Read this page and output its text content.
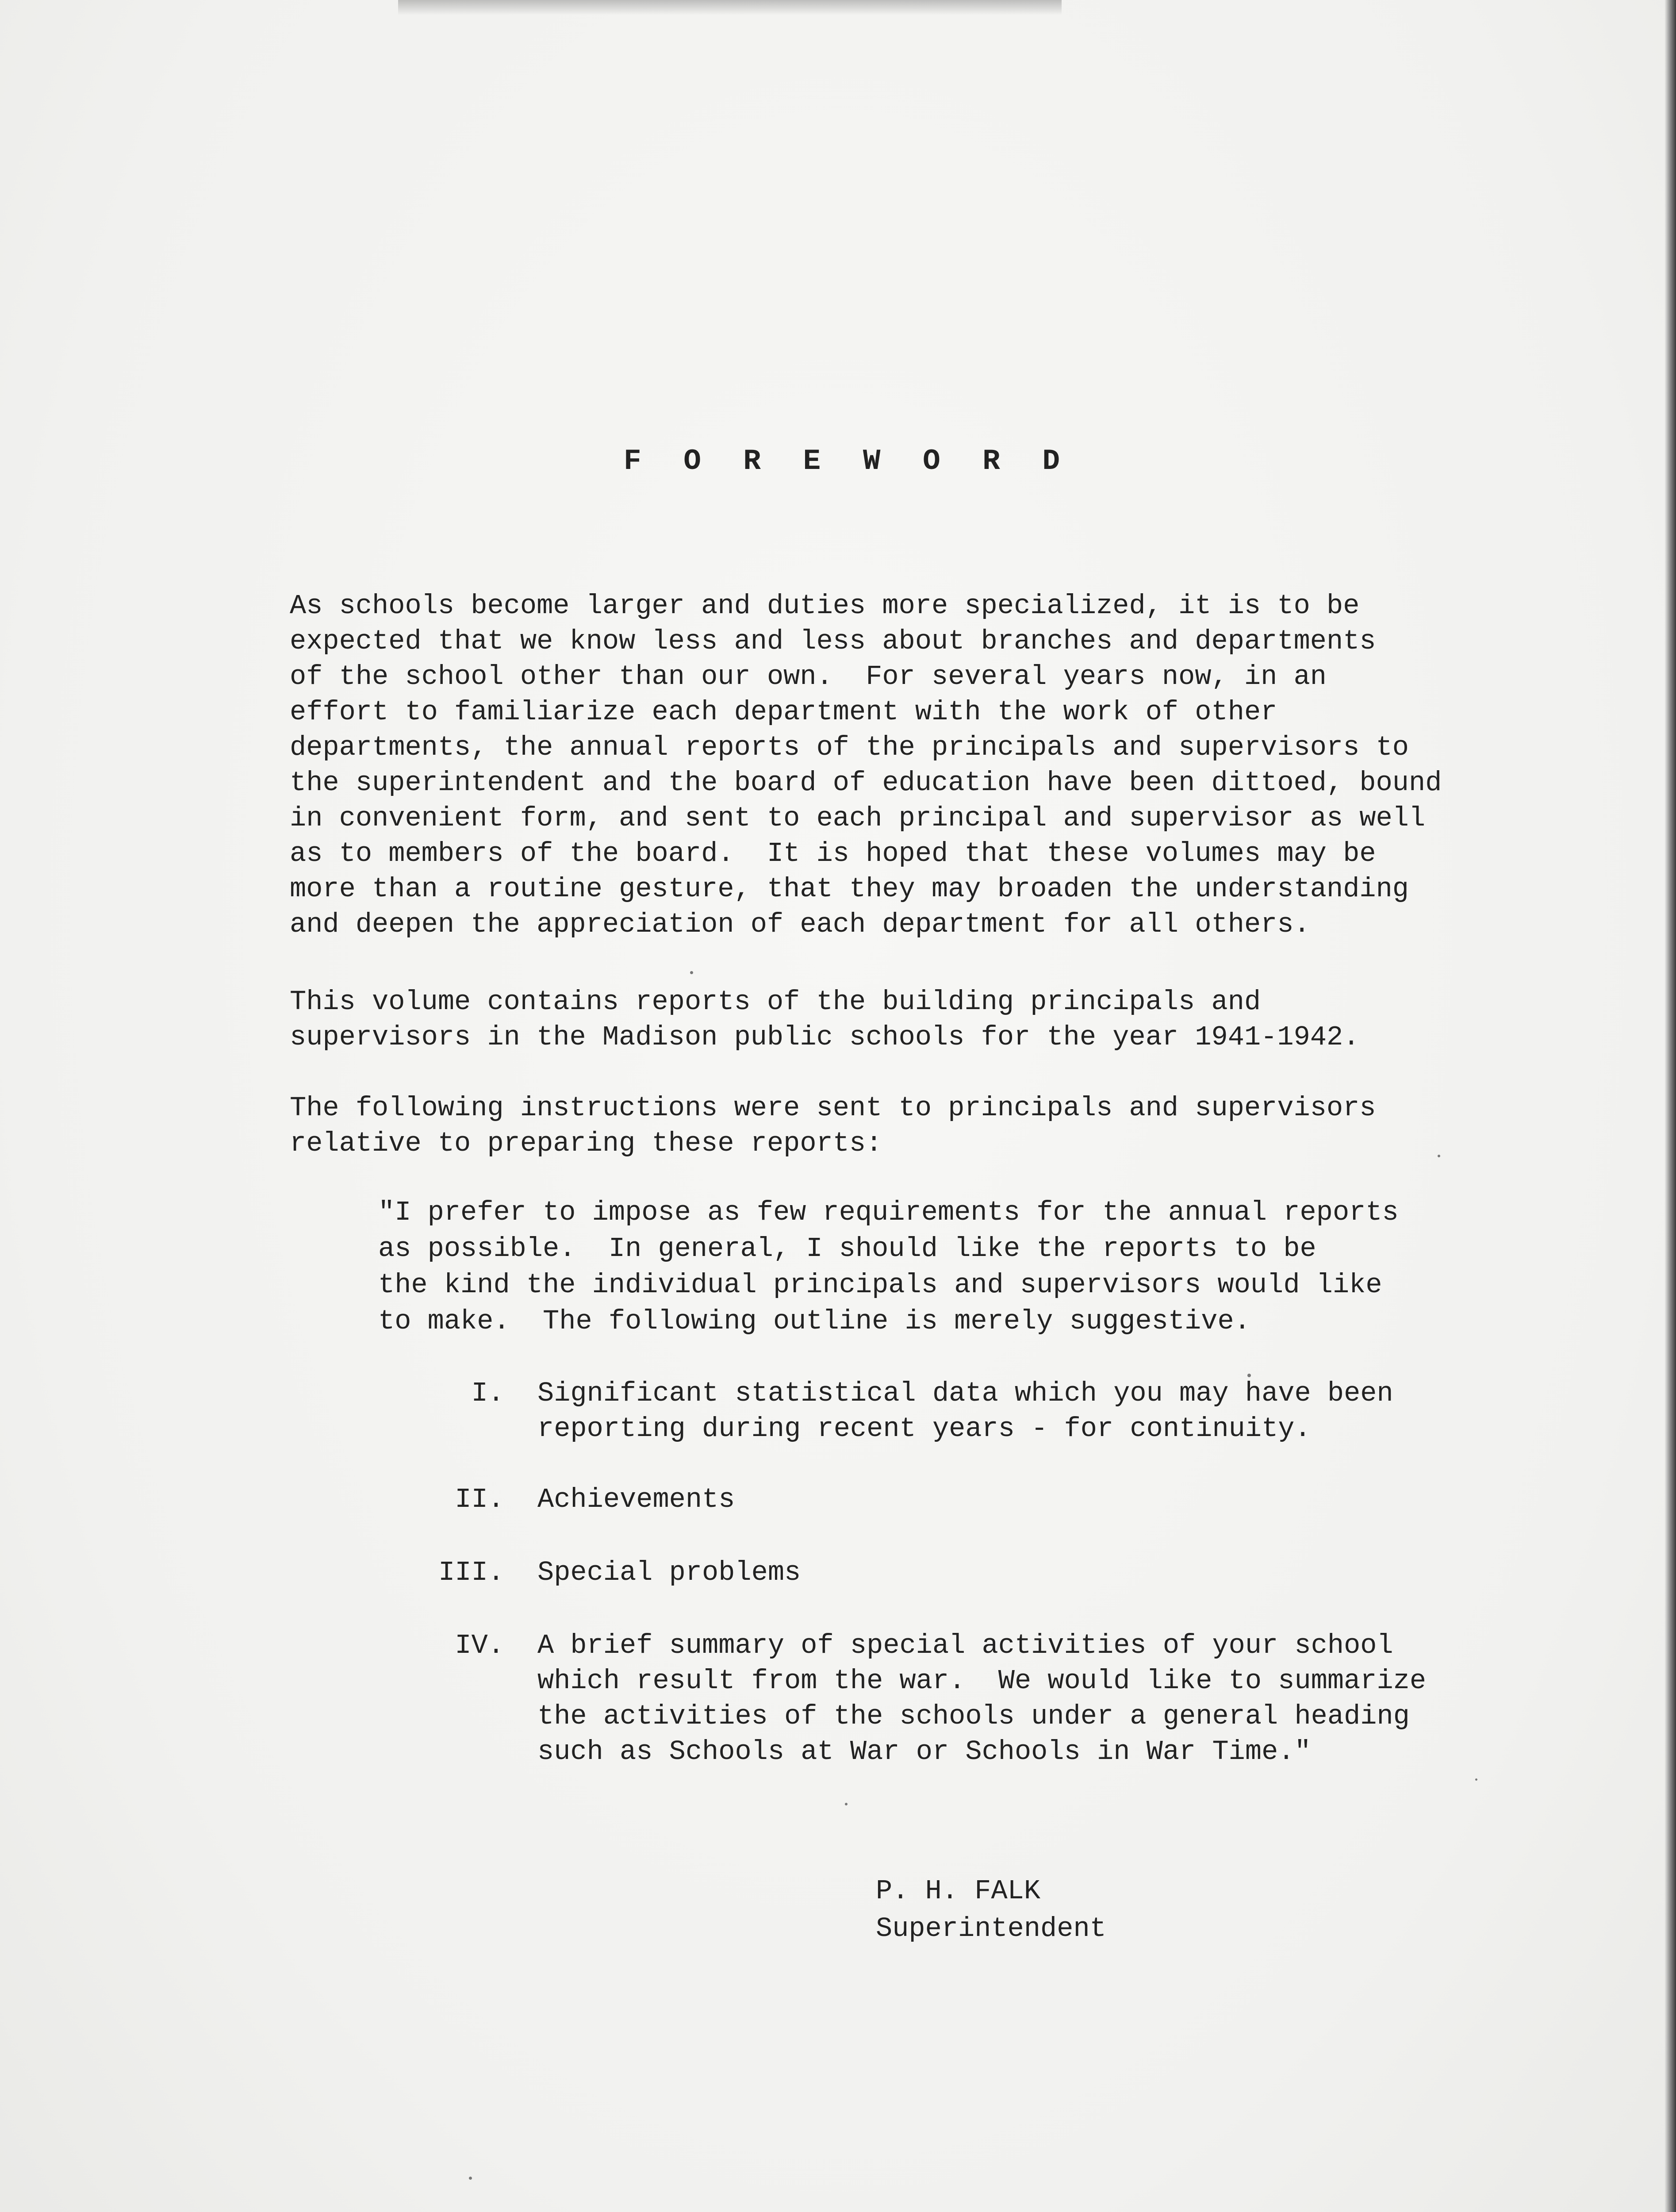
F O R E W O R D
As schools become larger and duties more specialized, it is to be
expected that we know less and less about branches and departments
of the school other than our own.  For several years now, in an
effort to familiarize each department with the work of other
departments, the annual reports of the principals and supervisors to
the superintendent and the board of education have been dittoed, bound
in convenient form, and sent to each principal and supervisor as well
as to members of the board.  It is hoped that these volumes may be
more than a routine gesture, that they may broaden the understanding
and deepen the appreciation of each department for all others.
This volume contains reports of the building principals and
supervisors in the Madison public schools for the year 1941-1942.
The following instructions were sent to principals and supervisors
relative to preparing these reports:
"I prefer to impose as few requirements for the annual reports
as possible.  In general, I should like the reports to be
the kind the individual principals and supervisors would like
to make.  The following outline is merely suggestive.
I. Significant statistical data which you may have been
reporting during recent years - for continuity.
II. Achievements
III. Special problems
IV. A brief summary of special activities of your school
which result from the war.  We would like to summarize
the activities of the schools under a general heading
such as Schools at War or Schools in War Time."
P. H. FALK
Superintendent
